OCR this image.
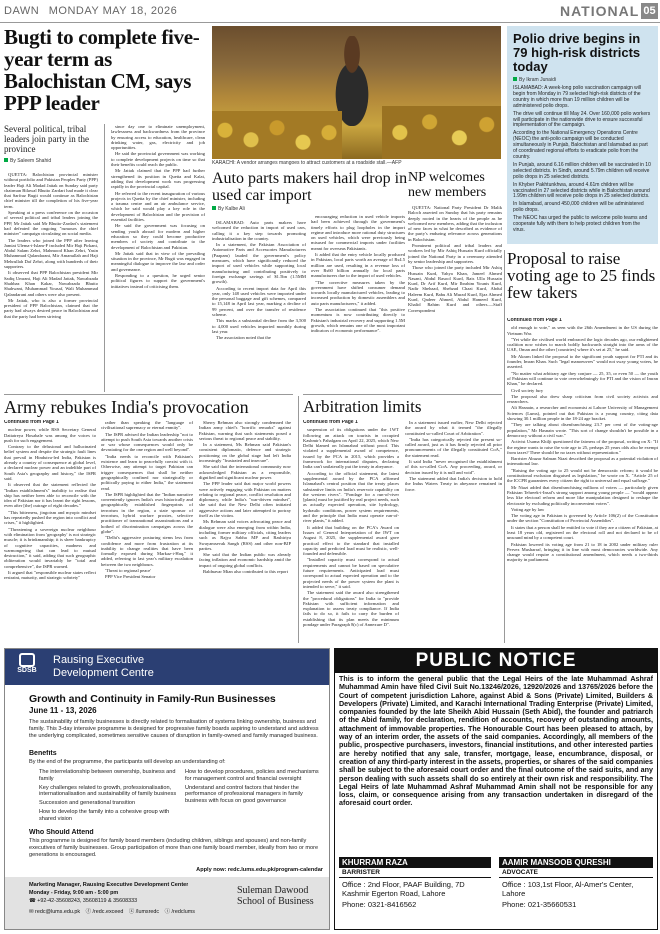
DAWN MONDAY MAY 18, 2026	NATIONAL 05
Bugti to complete five-year term as Balochistan CM, says PPP leader
Several political, tribal leaders join party in the province
By Saleem Shahid

QUETTA: Balochistan provincial minister without portfolio and Pakistan Peoples Party (PPP) leader Haji Ali Madad Jattak on Sunday said party chairman Bilawal Bhutto Zardari had made it clear that Sarfraz Bugti would continue as Balochistan chief minister till the completion of his five-year term.

Speaking at a press conference on the occasion of several political and tribal leaders joining the PPP, Mr Jattak said Mr Bhutto-Zardari's statement had defeated the ongoing "rumours the chief minister" campaign circulating on social media.

The leaders who joined the PPP after leaving Jamiat Ulema-i-Islam-F included Mir Haji Pirkani, Abdul Salam Zehri, Mahmood Khan Zehri, Yasin Muhammad Qalandarani, Mir Amanullah and Haji Mehrullah Daf Zehri, along with hundreds of their supporters.

It observed that PPP Balochistan president Mir Sadiq Umrani, Haji Ali Madad Jattak, Nawabzada Shahbaz Khan Kakar, Nawabzada Bhutto Shahwani, Muhammad Yousaf, Wali Muhammad Qalandarani and others were also present.

Mr Jattak, who is also a former provincial president of PPP Balochistan, claimed that the party had always desired peace in Balochistan and that the party had been striving

since day one to eliminate unemployment, lawlessness and backwardness from the province by ensuring access to education, healthcare, clean drinking water, gas, electricity and job opportunities.

He said the provincial government was working to complete development projects on time so that their benefits could reach the public.

Mr Jattak claimed that the PPP had further strengthened its position in Quetta and Kalat, adding that development work was progressing rapidly in the provincial capital.

He referred to the recent inauguration of various projects in Quetta by the chief minister, including a trauma centre and an air ambulance service, which he said would play a key role in the development of Balochistan and the provision of essential facilities.

He said the government was focusing on sending youth abroad for modern and higher education so they could become productive members of society and contribute to the development of Balochistan and Pakistan.

Mr Jattak said that in view of the prevailing situation in the province, Mr Bugti was engaged in meaningful dialogue to improve the law and order and governance.

Responding to a question, he urged senior political figures to support the government's initiatives instead of criticising them.

KARACHI: A vendor arranges mangoes to attract customers at a roadside stall.—AFP
Auto parts makers hail drop in used car import
By Kalbe Ali

ISLAMABAD: Auto parts makers have welcomed the reduction in import of used cars, calling it a key step towards promoting industrialisation in the country.

In a statement, the Pakistan Association of Automotive Parts and Accessories Manufacturers (Paapam) lauded the government's policy measures, which have significantly reduced the import of used vehicles while supporting local manufacturing and contributing positively to foreign exchange savings of $1.5bn (1.5MM growth).

According to recent import data for April this year, only 148 used vehicles were imported under the personal baggage and gift schemes, compared to 15,148 in April last year, marking a decline of 99 percent, and over the transfer of residence scheme.

This marks a substantial decline from the 3,500 to 4,000 used vehicles imported monthly during last year.

The association noted that the

encouraging reduction in used vehicle imports had been achieved through the government's timely efforts to plug loopholes in the import regime and introduce more rational duty structures on used vehicles, which were previously being misused for commercial imports under facilities meant for overseas Pakistanis.

It added that the entry vehicle locally produced in Pakistan, local parts worth an average of Rs4.5 million are used, resulting in a revenue loss of over Rs60 billion annually for local parts manufacturers due to the import of used vehicles.

"The corrective measures taken by the government have shifted consumer demand towards locally manufactured vehicles, leading to increased production by domestic assemblers and auto parts manufacturers," it added.

The association continued that "this positive momentum is now contributing directly to Pakistan's industrial recovery and supporting 1.5M growth, which remains one of the most important indicators of economic performance".

NP welcomes new members

QUETTA: National Party President Dr Malik Baloch asserted on Sunday that his party remains deeply rooted in the hearts of the people as he welcomed new members, adding that the inclusion of new faces in what he described as evidence of the party's enduring relevance across generations in Balochistan.

Prominent political and tribal leaders and workers led by Mir Ashiq Hussain Kurd officially joined the National Party in a ceremony attended by senior leadership and supporters.

Those who joined the party included Mir Ashiq Hussain Kurd, Yahya Khan, Jameel Ahmed Nasani, Abdul Rasool Kurd, Rais Ulla Hussain Kurd, Dr Arif Kurd, Mir Ibrahim Younis Kurd, Nadir Shehzad, Shehzad Chazi Kurd, Abdul Haleem Kurd, Babu Ali Murad Kurd, Ejaz Ahmed Kurd, Qadeer Ahmed, Abdul Hameed Kurd, Khalid Rahim Kurd and others.—Staff Correspondent

Polio drive begins in 79 high-risk districts today
By Ikram Junaidi

ISLAMABAD: A week-long polio vaccination campaign will begin from Monday in 79 selected high-risk districts of the country in which more than 19 million children will be administered polio drops.

The drive will continue till May 24. Over 160,000 polio workers will participate in the nationwide drive to ensure successful implementation of the campaign.

According to the National Emergency Operations Centre (NEOC) the anti-polio campaign will be conducted simultaneously in Punjab, Balochistan and Islamabad as part of coordinated regional efforts to eradicate polio from the country.

In Punjab, around 6.16 million children will be vaccinated in 10 selected districts. In Sindh, around 5.79m children will receive polio drops in 25 selected districts.

In Khyber Pakhtunkhwa, around 4.61m children will be vaccinated in 27 selected districts while in Balochistan around 1.99m children will receive polio drops in 25 selected districts.

In Islamabad, around 450,000 children will be administered polio drops.

The NEOC has urged the public to welcome polio teams and cooperate fully with them to help protect children from the virus.

Proposal to raise voting age to 25 finds few takers
Continued from Page 1

old enough to vote," as seen with the 26th Amendment in the US during the Vietnam War.

"Yet while the civilised world embraced the logic decades ago, our enlightened coalition now wishes to march boldly backwards straight into the arms of the UAE, Oman and the other [countries] where it's set at 25," he said.

Mr Akram linked the proposal to the significant youth support for PTI and its founder, Imran Khan. Such "legal manoeuvres" would not sway young voters, he asserted.

"No matter what arbitrary age they conjure — 25, 35, or even 50 — the youth of Pakistan will continue to vote overwhelmingly for PTI and the vision of Imran Khan," he declared.

Civil society fury

The proposal also drew sharp criticism from civil society activists and researchers.

Ali Hasnain, a researcher and economist at Lahore University of Management Sciences (Lums), pointed out that Pakistan is a young country, citing data showing 30.1 million people in the 18-24 age bracket.

"They are talking about disenfranchising 23.7 per cent of the voting-age population," Mr Hasnain wrote. "This sort of change shouldn't be possible in a democracy without a civil war."

Activist Usama Khilji questioned the fairness of the proposal, writing on X: "If the regime wants to raise the vote age to 25, perhaps 25 years olds also be exempt from taxes? There should be no taxes without representation."

Barrister Abuzar Salman Niazi described the proposal as a potential violation of international law.

"Raising the voting age to 25 would not be democratic reform; it would be constitutional exclusion disguised as legislation," he wrote on X. "Article 25 of the ICCPR guarantees every citizen the right to universal and equal suffrage."

Mr Niazi added that disenfranchising millions of voters — particularly given Pakistan Tehreek-i-Insaf's strong support among young people — "would appear less like electoral reform and more like manipulation designed to reshape the electorate by excluding politically inconvenient voters".

Voting age by law

The voting age in Pakistan is governed by Article 106(2) of the Constitution under the section "Constitution of Provincial Assemblies".

It states that a person shall be entitled to vote if they are a citizen of Pakistan, at least 18 years old, registered on the electoral roll and not declared to be of unsound mind by a competent court.

Pakistan lowered its voting age from 21 to 18 in 2002 under military ruler Pervez Musharraf, bringing it in line with most democracies worldwide. Any change would require a constitutional amendment, which needs a two-thirds majority in parliament.

Army rebukes India's provocation
Continued from Page 1

nuclear power, while RSS Secretary General Dattatreya Hosabale was among the voices to push for such engagement.

Contrary to the delusional and hallucinated belief system and despite the strategic fault lines that prevail in Hindutva-led India, Pakistan is already a country of consequence at global level, a declared nuclear power and an indelible part of South Asia's geography and history," the ISPR said.

It observed that the statement reflected the "Indian establishment's" inability to realise that ship has neither been able to reconcile with the idea of Pakistan nor it has learnt the right lessons, even after [the] outrage of eight decades."

"This bitterness, jingoism and myopic mindset has repeatedly pushed the region into conflict and crises," it highlighted.

"Threatening a sovereign nuclear neighbour with elimination from 'geography' is not strategic muscle; it is brinkmanship; it is sheer bankruptcy of cognitive capacities, madness and warmongering that can lead to mutual destruction," it said, adding that such geographic obliteration would invariably be "total and comprehensive", the ISPR warned.

It argued that "responsible nuclear states reflect restraint, maturity, and strategic sobriety"

rather than speaking the "language of civilisational supremacy or eternal enmity".

The ISPR advised the Indian leadership "not to attempt to push South Asia towards another crisis or war whose consequences would only be devastating for the one region and well beyond".

"India needs to reconcile with Pakistan's existence and learn to peacefully coexist with it. Otherwise, any attempt to target Pakistan can trigger consequences that shall be neither geographically confined nor strategically or politically paying to either India," the statement read.

The ISPR highlighted that the "Indian narrative conveniently ignores India's own historically and geographically established fingerprints of terrorism in the region, a state sponsor of terrorism, hybrid warfare proxies, selective practitioner of transnational assassinations and a hotbed of discrimination campaigns across the globe".

"Delhi's aggressive posturing stems less from confidence and more from frustration at its inability to change realities that have been formally exposed during Markaz-i-Haq," it added, referring to last year's military escalation between the two neighbours.

'Threat to regional peace'

PPP Vice President Senator

Sherry Rehman also strongly condemned the Indian army chief's "horrific remarks" against Pakistan, warning that such statements posed a serious threat to regional peace and stability.

In a statement, Ms Rehman said Pakistan's consistent diplomatic, defence and strategic positioning on the global stage had left India increasingly "frustrated and insecure".

She said that the international community now acknowledged Pakistan as a responsible, dignified and significant nuclear power.

The PPP leader said that major world powers were actively engaging with Pakistan on matters relating to regional peace, conflict resolution and diplomacy, while India's "war-driven mindset", she said that the New Delhi often initiated aggressive actions and later attempted to portray itself as the victim.

Ms Rehman said voices advocating peace and dialogue were also emerging from within India, including former military officials, citing leaders such as Rajya Sabha MP and Rashtriya Swayamsevak Sangh (RSS) and other non-BJP parties.

She said that the Indian public was already facing inflation and economic hardship amid the impact of ongoing global conflicts.

Baldnavar Mian also contributed to this report

Arbitration limits
Continued from Page 1

suspension of its obligations under the 1WT following an attack on tourists in occupied Kashmir's Pahalgam on April 22, 2025, which New Delhi blamed on Islamabad without proof. This violated a supplemental award of competence, issued by the PCA in 2015, which provides a framework for international disputes, declaring India can't unilaterally put the treaty in abeyance.

According to the official statement, the latest supplemental award by the PCA affirmed Islamabad's central position that the treaty places substantive limits on India's reservoir capability on the western rivers". "Pondage for a run-of-river [plants] must be justified by real project needs, such as actually expected operation, site hydrology, hydraulic conditions, power system requirements, and the principle that India must operate run-of-river plants," it added.

It added that building on the PCA's Award on Issues of General Interpretation of the IWT on August 8, 2025, the supplemental award gave practical effect to the standard that installed capacity and predicted load must be realistic, well-founded and defensible.

"Installed capacity must correspond to actual requirements and cannot be based on speculative future requirements. Anticipated load must correspond to actual expected operation and to the projected needs of the power system the plant is intended to serve," it said.

The statement said the award also strengthened the "procedural obligations" for India to "provide Pakistan with sufficient information and explanation to assess treaty compliance. If India fails to do so, it fails to carry the burden of establishing that its plan meets the minimum pondage under Paragraph 8(c) of Annexure D".

In a statement issued earlier, New Delhi rejected the award by what it termed "the illegally constituted so-called Court of Arbitration".

"India has categorically rejected the present so-called award, just as it has firmly rejected all prior pronouncements of the illegally constituted CoA," the statement read.

It said India "never recognised the establishment of this so-called CoA. Any proceeding, award, or decision issued by it is null and void".

The statement added that India's decision to hold the Indus Waters Treaty in abeyance remained in force.

SDSB
Rausing Executive
Development Centre
Growth and Continuity in Family-Run Businesses
June 11 - 13, 2026
The sustainability of family businesses is directly related to formalisation of systems linking ownership, business and family. This 3-day intensive programme is designed for progressive family boards aspiring to understand and address the underlying complicated, sometimes sensitive causes of disruption in family-owned and family managed business.
Benefits
By the end of the programme, the participants will develop an understanding of:
• The interrelationship between ownership, business and family
• Key challenges related to growth, professionalisation, internationalisation and sustainability of family business
• Succession and generational transition
• How to develop the family into a cohesive group with shared vision
• How to develop procedures, policies and mechanisms for management control and financial oversight
• Understand and control factors that hinder the performance of professional managers in family business with focus on good governance
Who Should Attend
This programme is designed for family board members (including children, siblings and spouses) and non-family executives of family businesses. Group participation of more than one family board member, ideally from two or more generations is encouraged.
Apply now: redc.lums.edu.pk/program-calendar
Marketing Manager, Rausing Executive Development Center
Monday - Friday, 9:00 am - 5:00 pm
☎ +92-42-35608243, 35608119 & 35608333
✉ redc@lums.edu.pk ⓕ /redc.exceed ⓧ /lumsredc ⓘ /redclums
Suleman Dawood
School of Business
PUBLIC NOTICE
This is to inform the general public that the Legal Heirs of the late Muhammad Ashraf Muhammad Amin have filed Civil Suit No.13246/2026, 12920/2026 and 13765/2026 before the Court of competent jurisdiction Lahore, against Abid & Sons (Private) Limited, Builders & Developers (Private) Limited, and Karachi International Trading Enterprise (Private) Limited, companies founded by the late Sheikh Abid Hussain (Seth Abid), the founder and patriarch of the Abid family, for declaration, rendition of accounts, recovery of outstanding amounts, attachment of immovable properties. The Honourable Court has been pleased to attach, by way of an interim order, the assets of the said companies. Accordingly, all members of the public, prospective purchasers, investors, financial institutions, and other interested parties are hereby notified that any sale, transfer, mortgage, lease, encumbrance, disposal, or creation of any third-party interest in the assets, properties, or shares of the said companies shall be subject to the aforesaid court order and the final outcome of the said suits, and any person dealing with such assets shall do so entirely at their own risk and responsibility. The Legal Heirs of late Muhammad Ashraf Muhammad Amin shall not be responsible for any loss, claim, or consequence arising from any transaction undertaken in disregard of the aforesaid court order.
KHURRAM RAZA
BARRISTER
Office : 2nd Floor, PAAF Building, 7D Kashmir Egerton Road, Lahore
Phone: 0321-8416562
AAMIR MANSOOB QURESHI
ADVOCATE
Office : 103,1st Floor, Al-Amer's Center, Lahore
Phone: 021-35660531
